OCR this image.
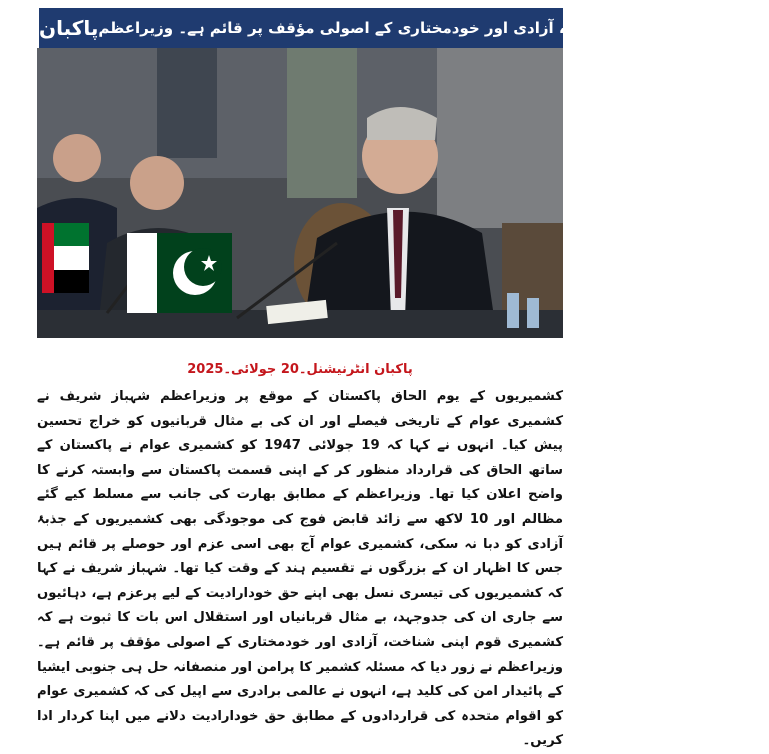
پاکبان کشمیری قوم اپنی شناخت، آزادی اور خودمختاری کے اصولی مؤقف پر قائم ہے۔ وزیراعظم
پاکبان انٹرنیشنل۔20 جولائی۔2025
کشمیریوں کے یوم الحاق پاکستان کے موقع پر وزیراعظم شہباز شریف نے کشمیری عوام کے تاریخی فیصلے اور ان کی بے مثال قربانیوں کو خراج تحسین پیش کیا۔ انہوں نے کہا کہ 19 جولائی 1947 کو کشمیری عوام نے پاکستان کے ساتھ الحاق کی قرارداد منظور کر کے اپنی قسمت پاکستان سے وابستہ کرنے کا واضح اعلان کیا تھا۔ وزیراعظم کے مطابق بھارت کی جانب سے مسلط کیے گئے مظالم اور 10 لاکھ سے زائد قابض فوج کی موجودگی بھی کشمیریوں کے جذبۂ آزادی کو دبا نہ سکی، کشمیری عوام آج بھی اسی عزم اور حوصلے پر قائم ہیں جس کا اظہار ان کے بزرگوں نے تقسیم ہند کے وقت کیا تھا۔ شہباز شریف نے کہا کہ کشمیریوں کی تیسری نسل بھی اپنے حق خودارادیت کے لیے پرعزم ہے، دہائیوں سے جاری ان کی جدوجہد، بے مثال قربانیاں اور استقلال اس بات کا ثبوت ہے کہ کشمیری قوم اپنی شناخت، آزادی اور خودمختاری کے اصولی مؤقف پر قائم ہے۔ وزیراعظم نے زور دیا کہ مسئلہ کشمیر کا پرامن اور منصفانہ حل ہی جنوبی ایشیا کے پائیدار امن کی کلید ہے، انہوں نے عالمی برادری سے اپیل کی کہ کشمیری عوام کو اقوام متحدہ کی قراردادوں کے مطابق حق خودارادیت دلانے میں اپنا کردار ادا کریں۔
